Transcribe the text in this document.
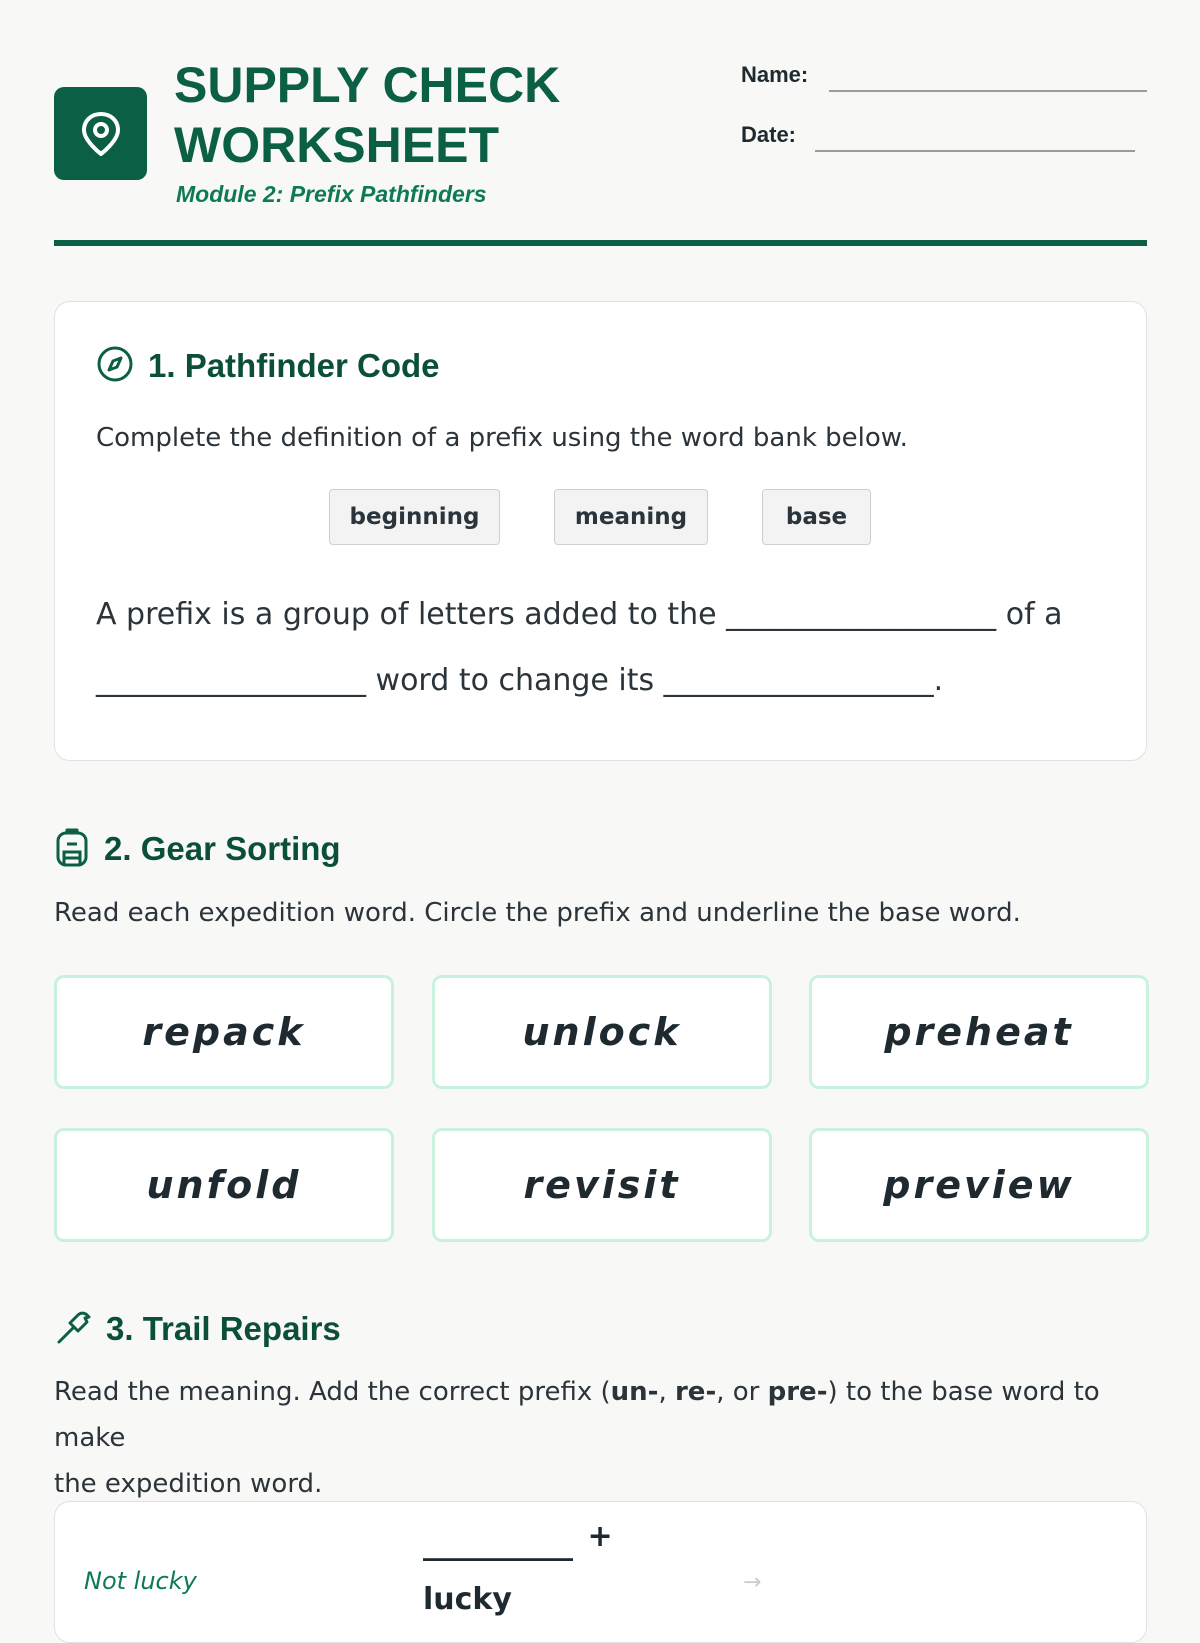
SUPPLY CHECK
WORKSHEET
Module 2: Prefix Pathfinders
Name:
Date:
1. Pathfinder Code

Complete the definition of a prefix using the word bank below.

beginning	meaning	base
A prefix is a group of letters added to the __________________ of a
__________________ word to change its __________________.
2. Gear Sorting

Read each expedition word. Circle the prefix and underline the base word.

repack	unlock	preheat
unfold	revisit	preview
3. Trail Repairs

Read the meaning. Add the correct prefix (un-, re-, or pre-) to the base word to make
the expedition word.

Not lucky
__________ +
lucky	→
